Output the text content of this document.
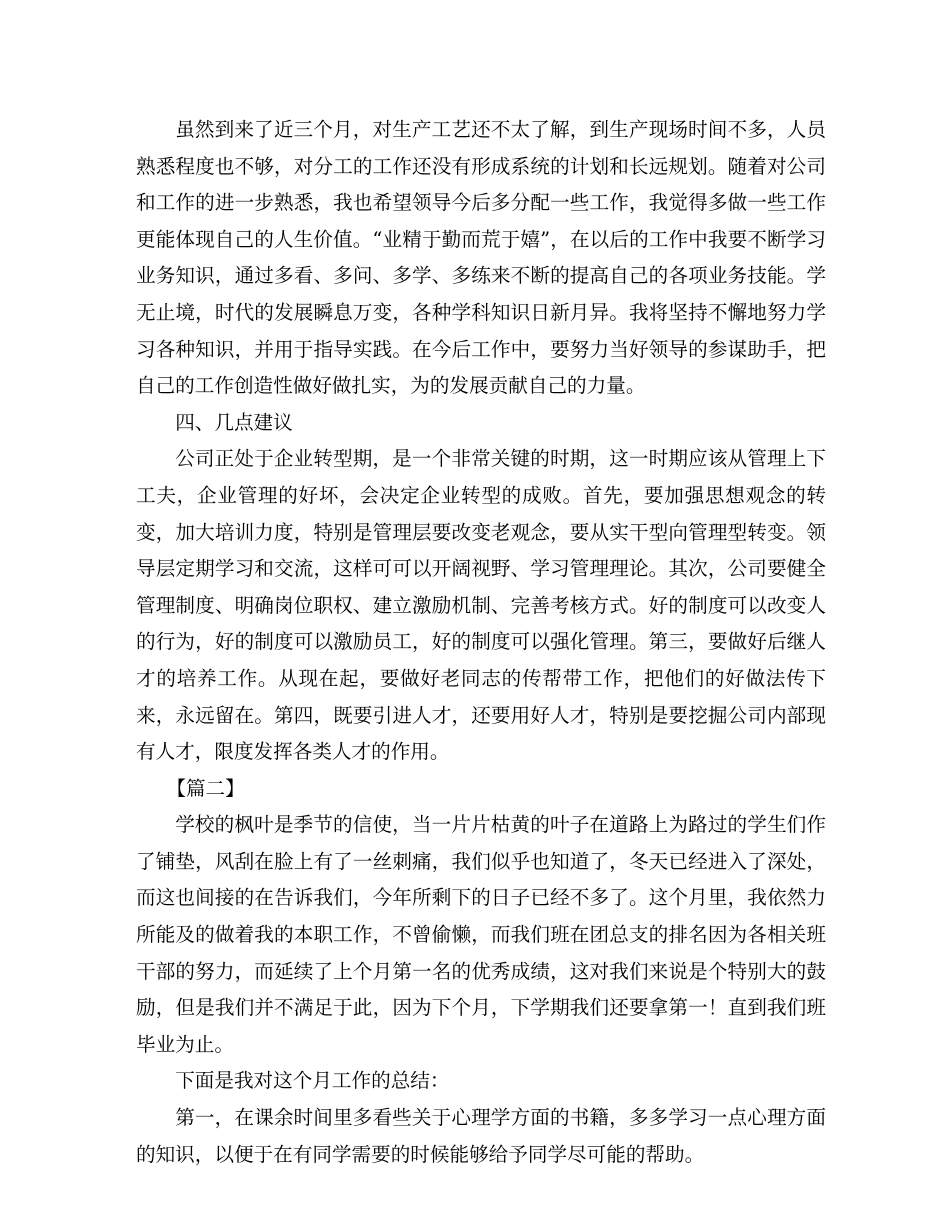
虽然到来了近三个月，对生产工艺还不太了解，到生产现场时间不多，人员熟悉程度也不够，对分工的工作还没有形成系统的计划和长远规划。随着对公司和工作的进一步熟悉，我也希望领导今后多分配一些工作，我觉得多做一些工作更能体现自己的人生价值。“业精于勤而荒于嬉”，在以后的工作中我要不断学习业务知识，通过多看、多问、多学、多练来不断的提高自己的各项业务技能。学无止境，时代的发展瞬息万变，各种学科知识日新月异。我将坚持不懈地努力学习各种知识，并用于指导实践。在今后工作中，要努力当好领导的参谋助手，把自己的工作创造性做好做扎实，为的发展贡献自己的力量。

四、几点建议

公司正处于企业转型期，是一个非常关键的时期，这一时期应该从管理上下工夫，企业管理的好坏，会决定企业转型的成败。首先，要加强思想观念的转变，加大培训力度，特别是管理层要改变老观念，要从实干型向管理型转变。领导层定期学习和交流，这样可可以开阔视野、学习管理理论。其次，公司要健全管理制度、明确岗位职权、建立激励机制、完善考核方式。好的制度可以改变人的行为，好的制度可以激励员工，好的制度可以强化管理。第三，要做好后继人才的培养工作。从现在起，要做好老同志的传帮带工作，把他们的好做法传下来，永远留在。第四，既要引进人才，还要用好人才，特别是要挖掘公司内部现有人才，限度发挥各类人才的作用。

【篇二】

学校的枫叶是季节的信使，当一片片枯黄的叶子在道路上为路过的学生们作了铺垫，风刮在脸上有了一丝刺痛，我们似乎也知道了，冬天已经进入了深处，而这也间接的在告诉我们，今年所剩下的日子已经不多了。这个月里，我依然力所能及的做着我的本职工作，不曾偷懒，而我们班在团总支的排名因为各相关班干部的努力，而延续了上个月第一名的优秀成绩，这对我们来说是个特别大的鼓励，但是我们并不满足于此，因为下个月，下学期我们还要拿第一！直到我们班毕业为止。

下面是我对这个月工作的总结：

第一，在课余时间里多看些关于心理学方面的书籍，多多学习一点心理方面的知识，以便于在有同学需要的时候能够给予同学尽可能的帮助。
